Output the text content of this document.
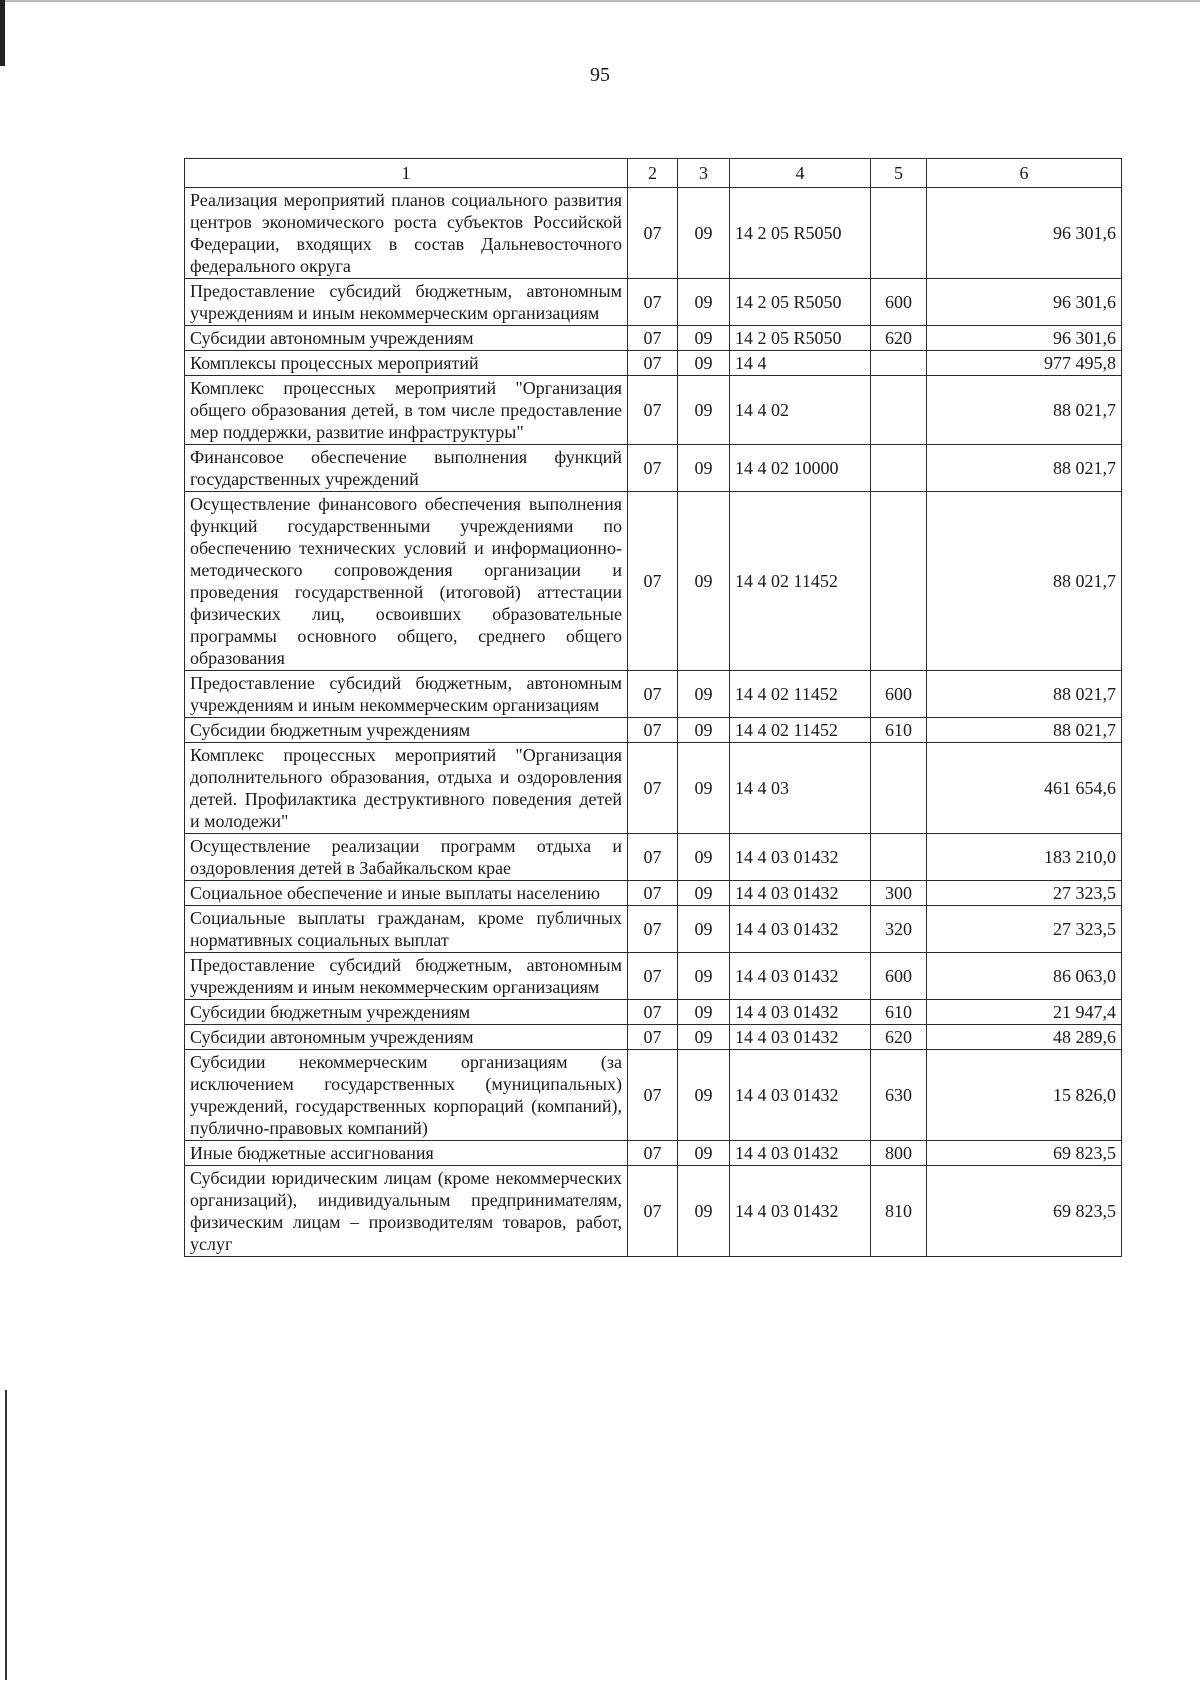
95
1	2	3	4	5	6
Реализация мероприятий планов социального развития центров экономического роста субъектов Российской Федерации, входящих в состав Дальневосточного федерального округа	07	09	14 2 05 R5050		96 301,6
Предоставление субсидий бюджетным, автономным учреждениям и иным некоммерческим организациям	07	09	14 2 05 R5050	600	96 301,6
Субсидии автономным учреждениям	07	09	14 2 05 R5050	620	96 301,6
Комплексы процессных мероприятий	07	09	14 4		977 495,8
Комплекс процессных мероприятий "Организация общего образования детей, в том числе предоставление мер поддержки, развитие инфраструктуры"	07	09	14 4 02		88 021,7
Финансовое обеспечение выполнения функций государственных учреждений	07	09	14 4 02 10000		88 021,7
Осуществление финансового обеспечения выполнения функций государственными учреждениями по обеспечению технических условий и информационно-методического сопровождения организации и проведения государственной (итоговой) аттестации физических лиц, освоивших образовательные программы основного общего, среднего общего образования	07	09	14 4 02 11452		88 021,7
Предоставление субсидий бюджетным, автономным учреждениям и иным некоммерческим организациям	07	09	14 4 02 11452	600	88 021,7
Субсидии бюджетным учреждениям	07	09	14 4 02 11452	610	88 021,7
Комплекс процессных мероприятий "Организация дополнительного образования, отдыха и оздоровления детей. Профилактика деструктивного поведения детей и молодежи"	07	09	14 4 03		461 654,6
Осуществление реализации программ отдыха и оздоровления детей в Забайкальском крае	07	09	14 4 03 01432		183 210,0
Социальное обеспечение и иные выплаты населению	07	09	14 4 03 01432	300	27 323,5
Социальные выплаты гражданам, кроме публичных нормативных социальных выплат	07	09	14 4 03 01432	320	27 323,5
Предоставление субсидий бюджетным, автономным учреждениям и иным некоммерческим организациям	07	09	14 4 03 01432	600	86 063,0
Субсидии бюджетным учреждениям	07	09	14 4 03 01432	610	21 947,4
Субсидии автономным учреждениям	07	09	14 4 03 01432	620	48 289,6
Субсидии некоммерческим организациям (за исключением государственных (муниципальных) учреждений, государственных корпораций (компаний), публично-правовых компаний)	07	09	14 4 03 01432	630	15 826,0
Иные бюджетные ассигнования	07	09	14 4 03 01432	800	69 823,5
Субсидии юридическим лицам (кроме некоммерческих организаций), индивидуальным предпринимателям, физическим лицам – производителям товаров, работ, услуг	07	09	14 4 03 01432	810	69 823,5
